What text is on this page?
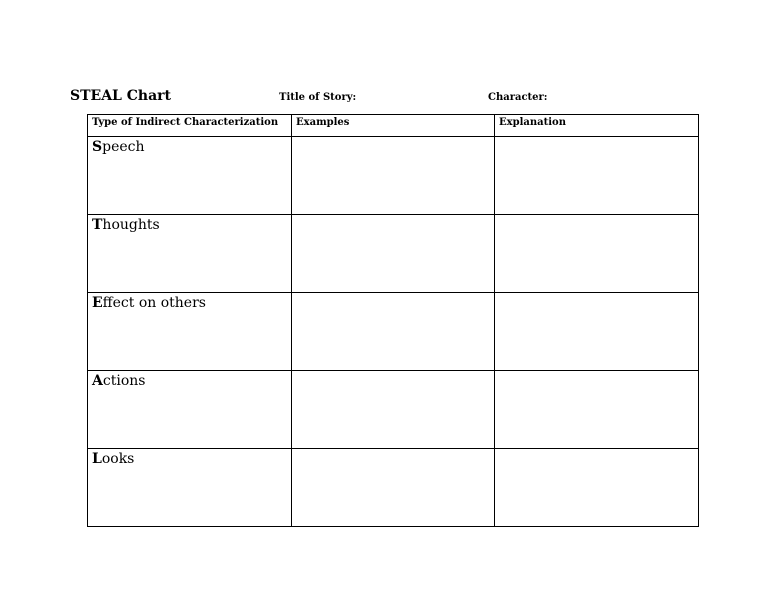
STEAL Chart	Title of Story:	Character:
Type of Indirect Characterization	Examples	Explanation
Speech		
Thoughts		
Effect on others		
Actions		
Looks		
